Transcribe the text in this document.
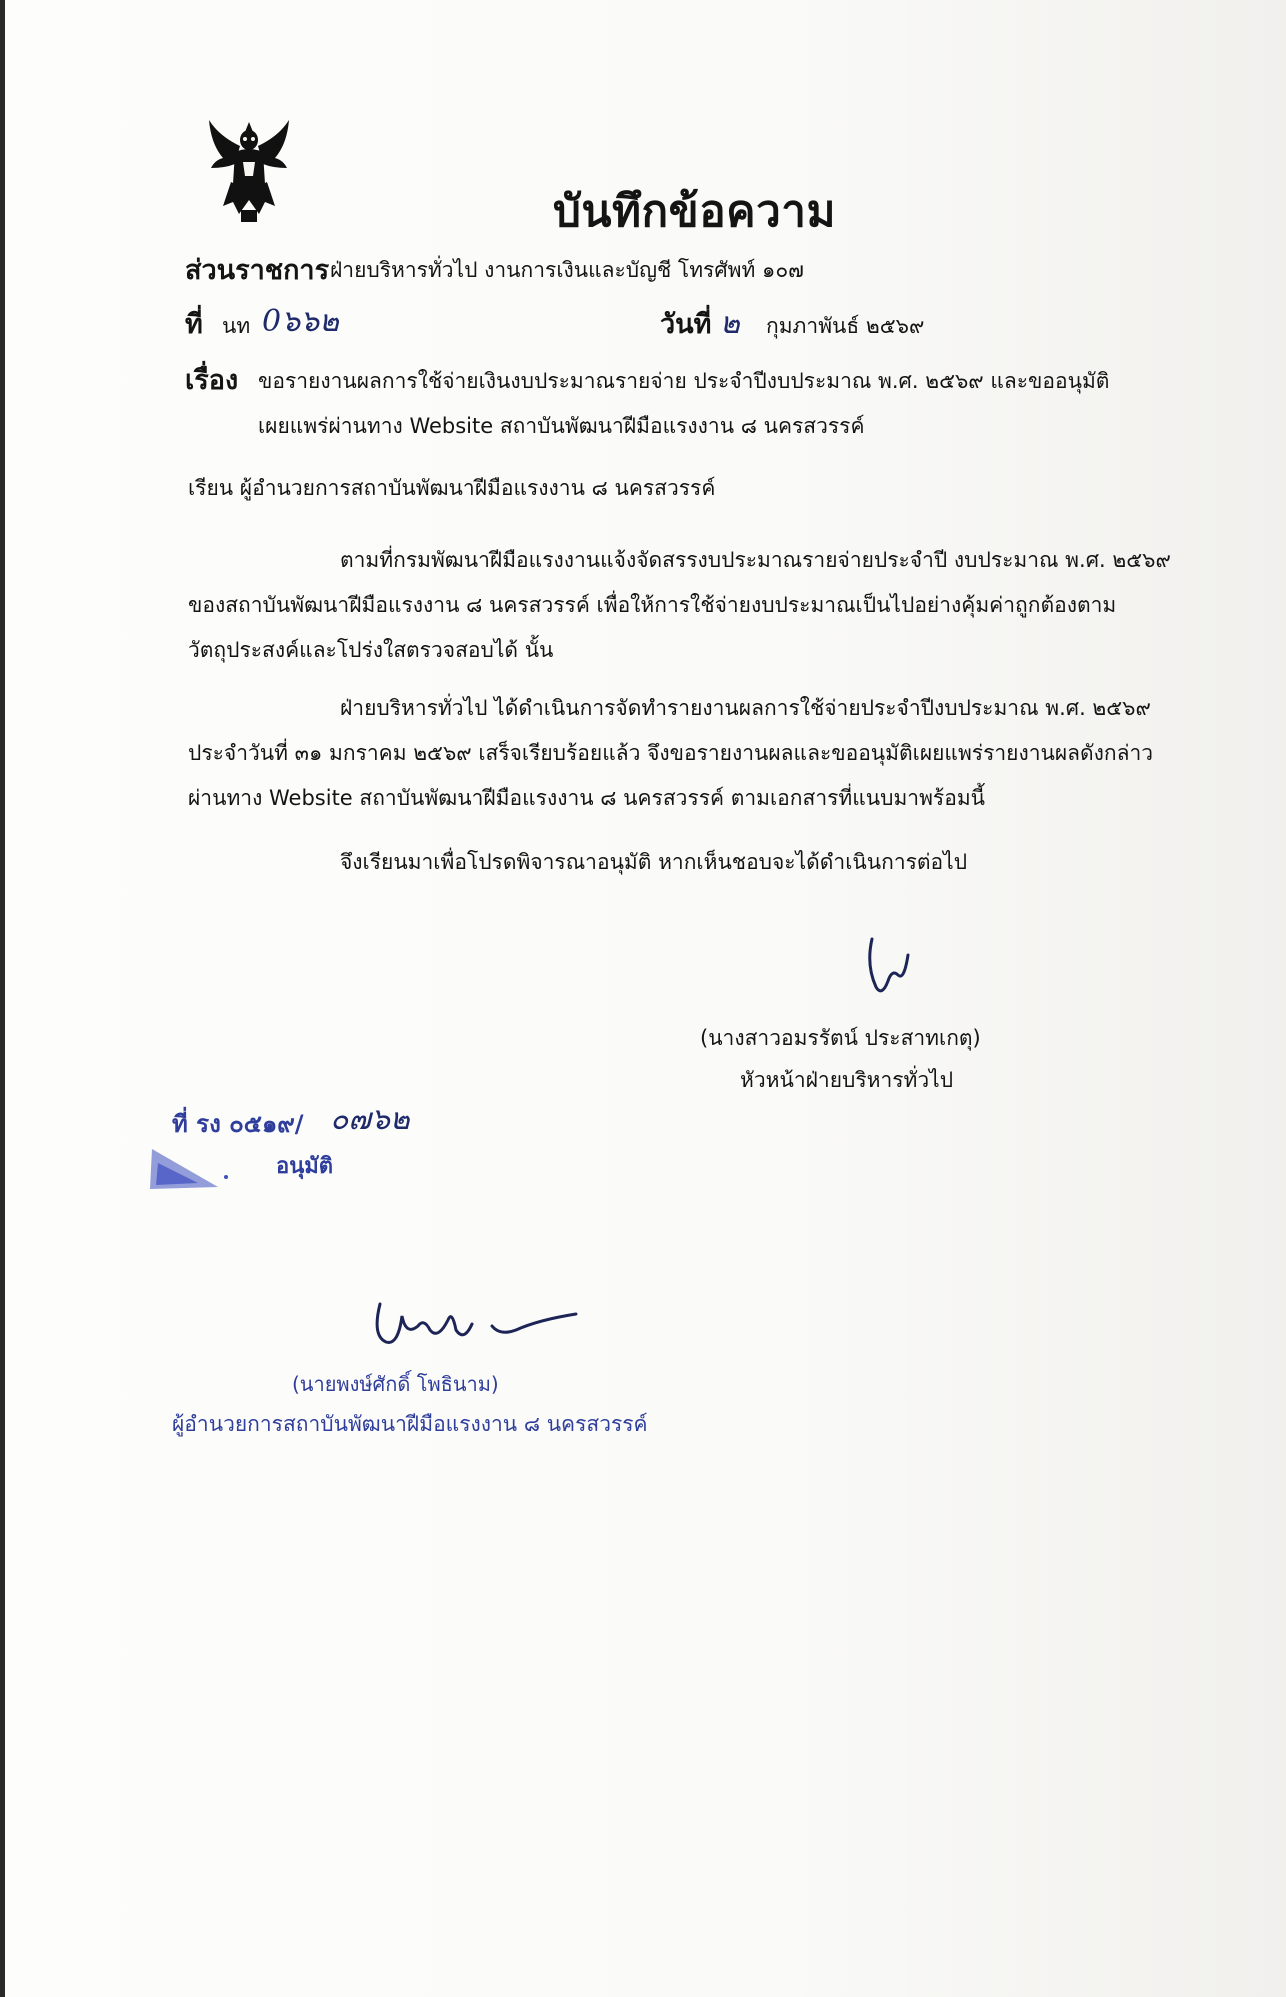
บันทึกข้อความ
ส่วนราชการ ฝ่ายบริหารทั่วไป งานการเงินและบัญชี โทรศัพท์ ๑๐๗
ที่ นท 0๖๖๒	วันที่ ๒ กุมภาพันธ์ ๒๕๖๙
เรื่อง ขอรายงานผลการใช้จ่ายเงินงบประมาณรายจ่าย ประจำปีงบประมาณ พ.ศ. ๒๕๖๙ และขออนุมัติ
เผยแพร่ผ่านทาง Website สถาบันพัฒนาฝีมือแรงงาน ๘ นครสวรรค์
เรียน ผู้อำนวยการสถาบันพัฒนาฝีมือแรงงาน ๘ นครสวรรค์

ตามที่กรมพัฒนาฝีมือแรงงานแจ้งจัดสรรงบประมาณรายจ่ายประจำปี งบประมาณ พ.ศ. ๒๕๖๙

ของสถาบันพัฒนาฝีมือแรงงาน ๘ นครสวรรค์ เพื่อให้การใช้จ่ายงบประมาณเป็นไปอย่างคุ้มค่าถูกต้องตาม

วัตถุประสงค์และโปร่งใสตรวจสอบได้ นั้น

ฝ่ายบริหารทั่วไป ได้ดำเนินการจัดทำรายงานผลการใช้จ่ายประจำปีงบประมาณ พ.ศ. ๒๕๖๙

ประจำวันที่ ๓๑ มกราคม ๒๕๖๙ เสร็จเรียบร้อยแล้ว จึงขอรายงานผลและขออนุมัติเผยแพร่รายงานผลดังกล่าว

ผ่านทาง Website สถาบันพัฒนาฝีมือแรงงาน ๘ นครสวรรค์ ตามเอกสารที่แนบมาพร้อมนี้

จึงเรียนมาเพื่อโปรดพิจารณาอนุมัติ หากเห็นชอบจะได้ดำเนินการต่อไป
(นางสาวอมรรัตน์ ประสาทเกตุ)
หัวหน้าฝ่ายบริหารทั่วไป
ที่ รง ๐๕๑๙/ ๐๗๖๒
อนุมัติ
(นายพงษ์ศักดิ์ โพธินาม)
ผู้อำนวยการสถาบันพัฒนาฝีมือแรงงาน ๘ นครสวรรค์
